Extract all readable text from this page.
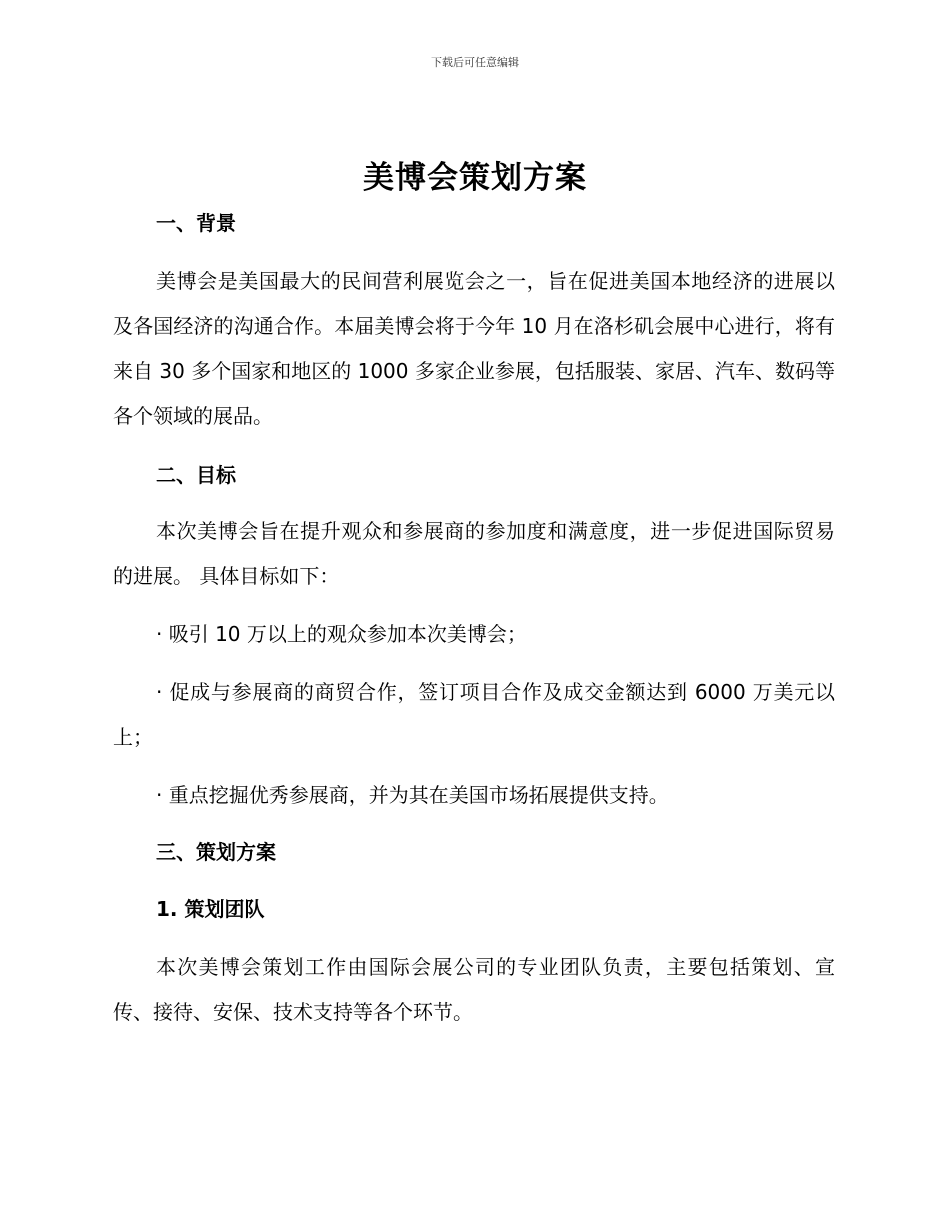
下载后可任意编辑
美博会策划方案
一、背景

美博会是美国最大的民间营利展览会之一，旨在促进美国本地经济的进展以及各国经济的沟通合作。本届美博会将于今年 10 月在洛杉矶会展中心进行，将有来自 30 多个国家和地区的 1000 多家企业参展，包括服装、家居、汽车、数码等各个领域的展品。

二、目标

本次美博会旨在提升观众和参展商的参加度和满意度，进一步促进国际贸易的进展。 具体目标如下：

· 吸引 10 万以上的观众参加本次美博会；

· 促成与参展商的商贸合作，签订项目合作及成交金额达到 6000 万美元以上；

· 重点挖掘优秀参展商，并为其在美国市场拓展提供支持。

三、策划方案
1. 策划团队

本次美博会策划工作由国际会展公司的专业团队负责，主要包括策划、宣传、接待、安保、技术支持等各个环节。
